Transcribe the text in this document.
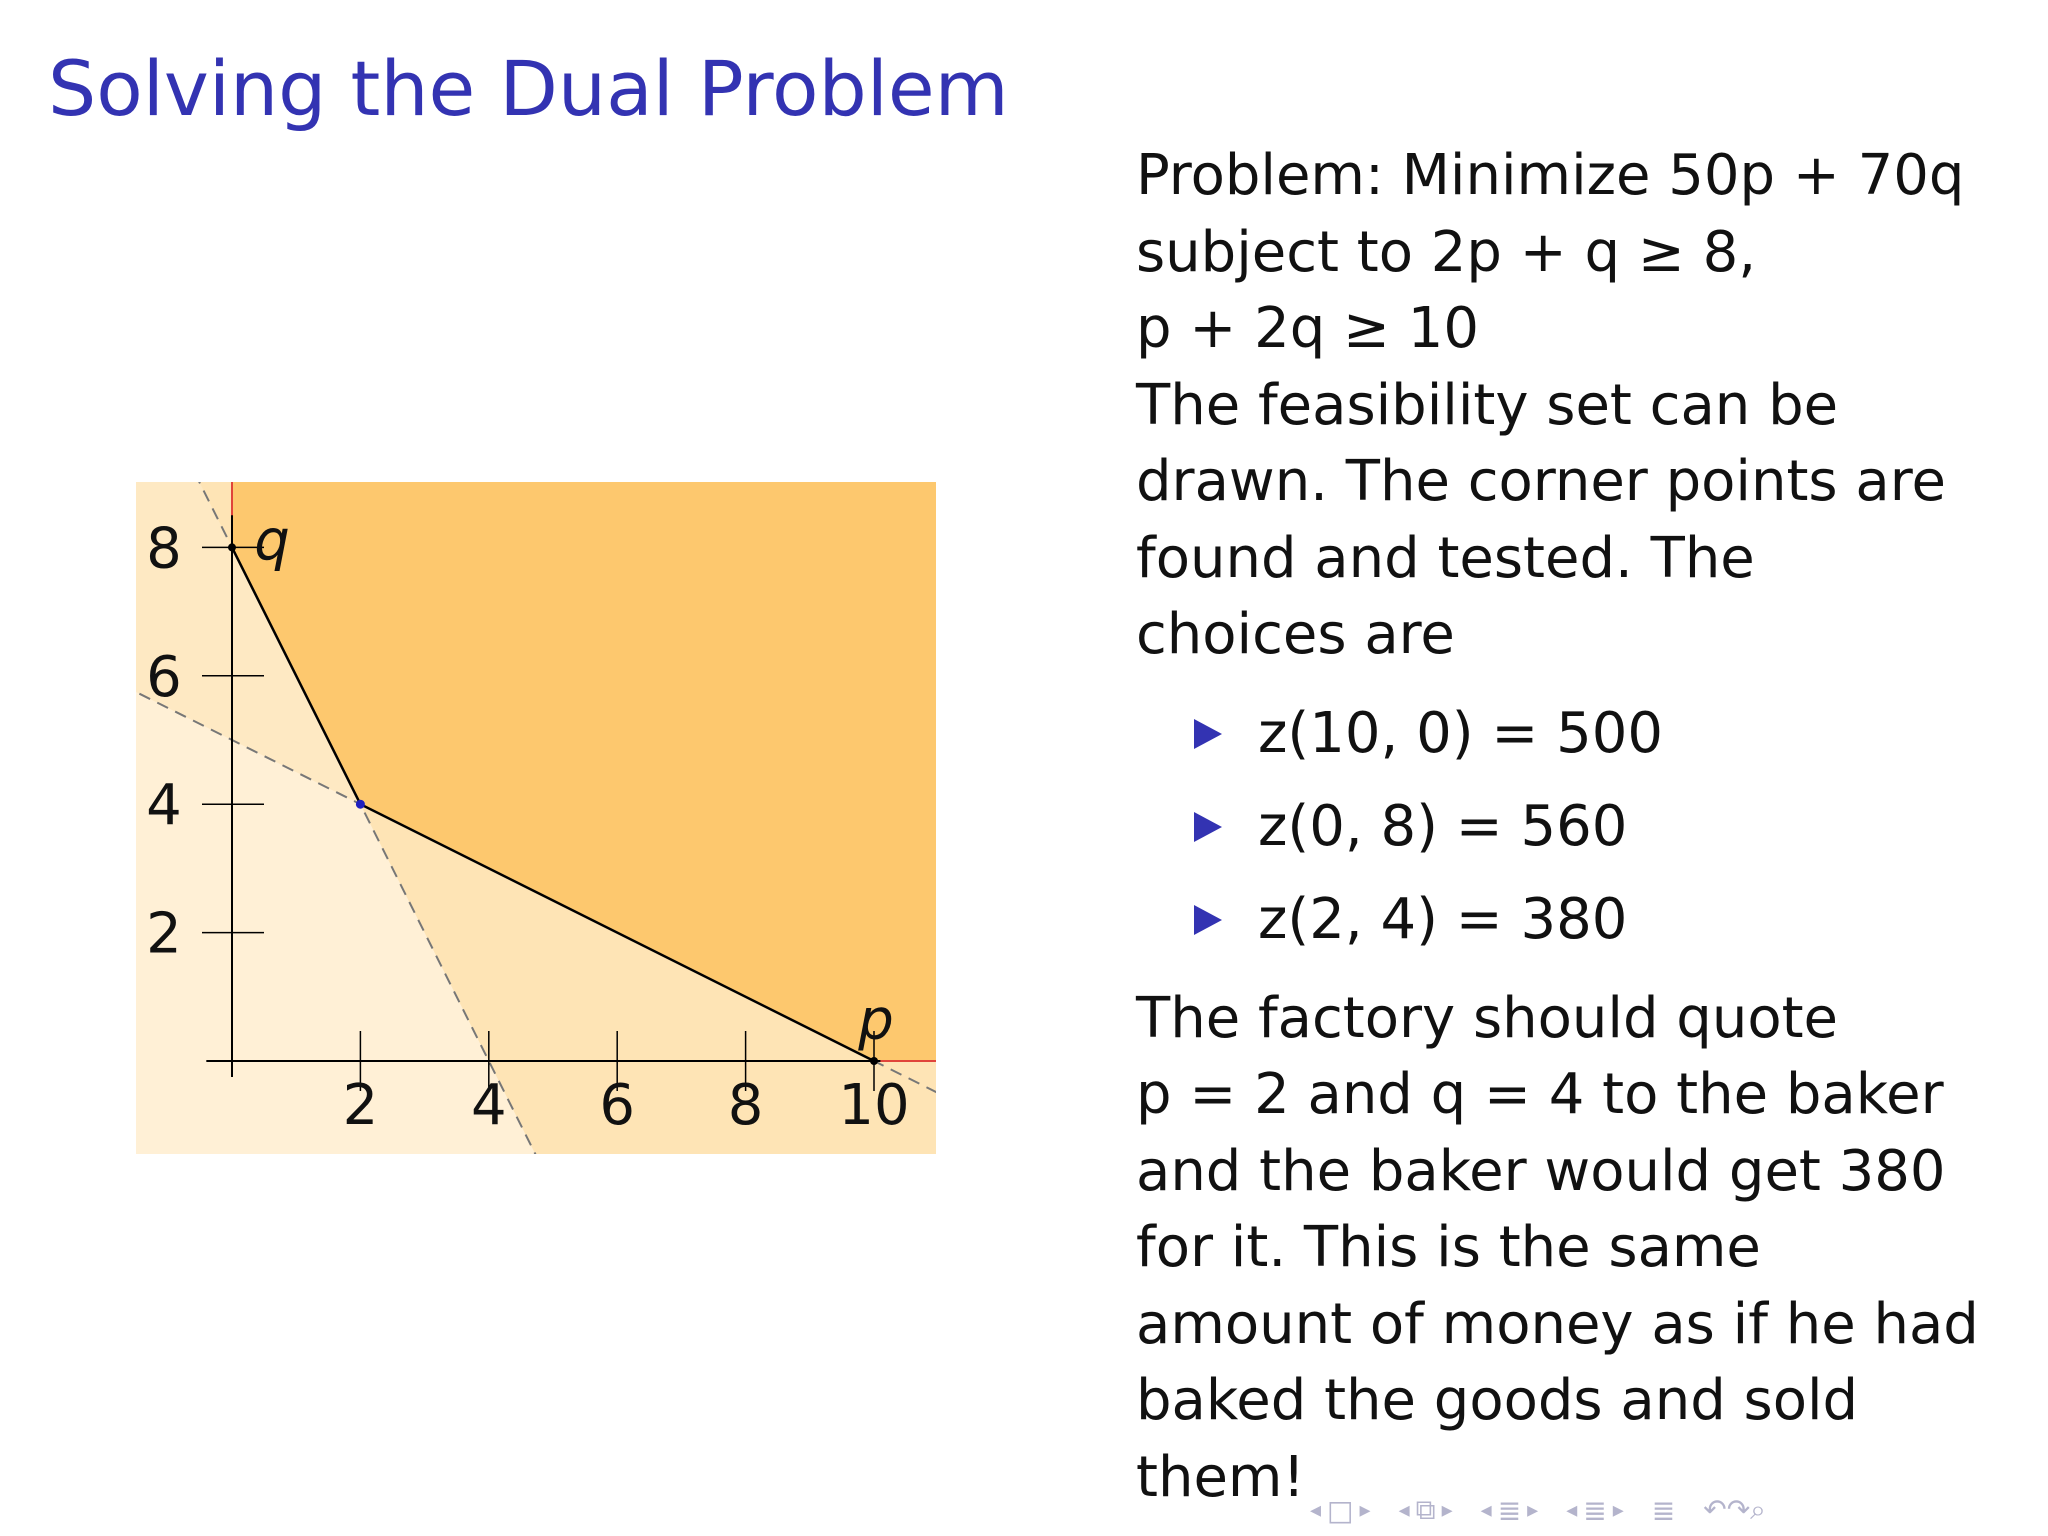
Solving the Dual Problem
2 4 6 8 10
2
4
6
8
p
q
Problem: Minimize 50p + 70q
subject to 2p + q ≥ 8,
p + 2q ≥ 10
The feasibility set can be
drawn. The corner points are
found and tested. The
choices are
z(10, 0) = 500
z(0, 8) = 560
z(2, 4) = 380
The factory should quote
p = 2 and q = 4 to the baker
and the baker would get 380
for it. This is the same
amount of money as if he had
baked the goods and sold
them!
◂ □ ▸ ◂ ⧉ ▸ ◂ ≣ ▸ ◂ ≣ ▸ ≣ ↶↷⌕
